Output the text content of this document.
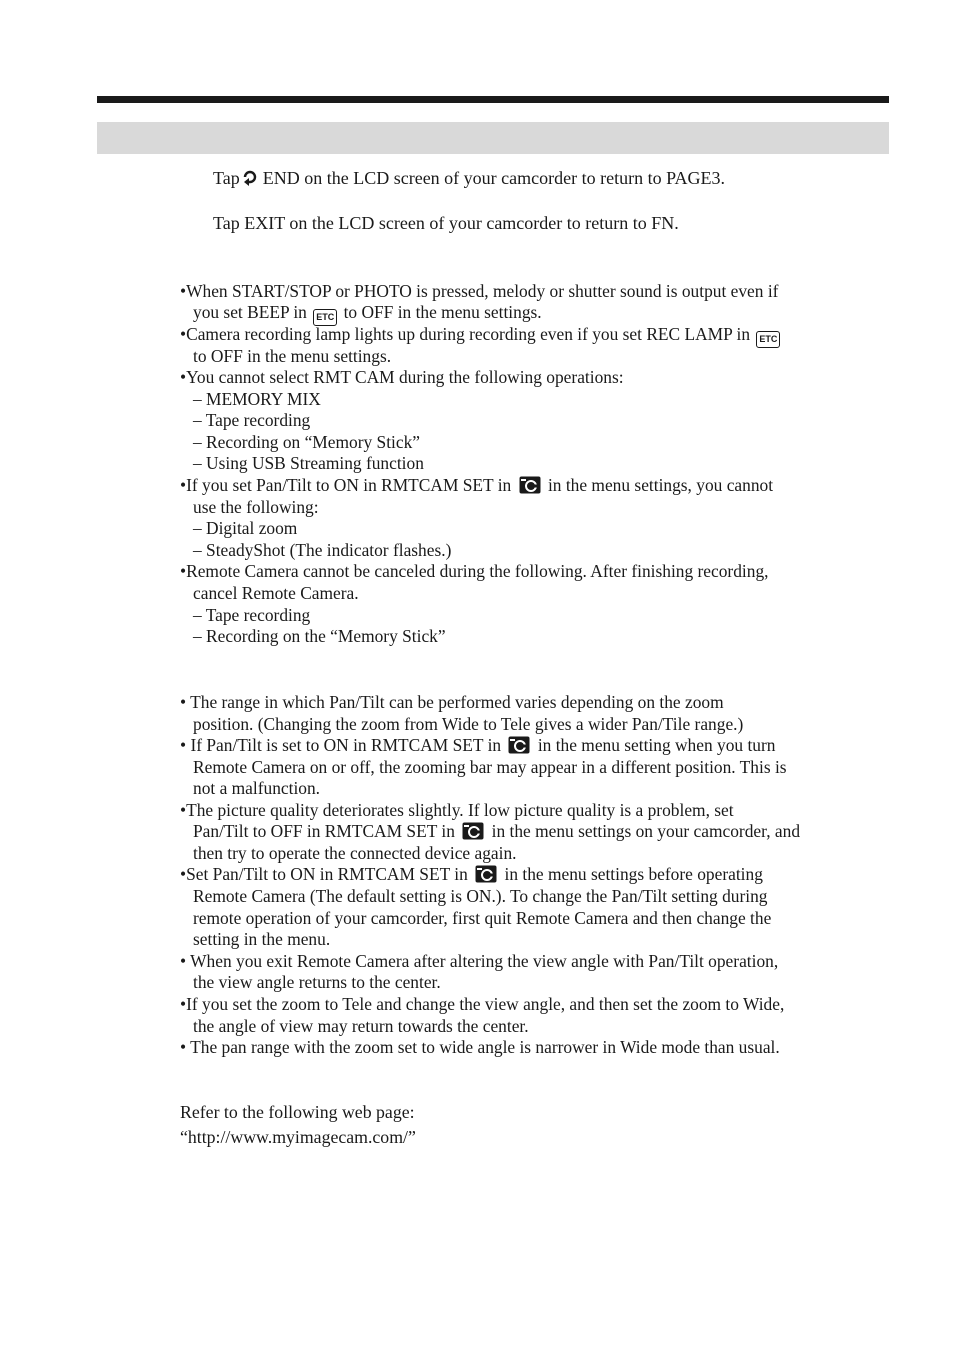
Tap END on the LCD screen of your camcorder to return to PAGE3.
Tap EXIT on the LCD screen of your camcorder to return to FN.
•When START/STOP or PHOTO is pressed, melody or shutter sound is output even if
you set BEEP in ETC to OFF in the menu settings.
•Camera recording lamp lights up during recording even if you set REC LAMP in ETC
to OFF in the menu settings.
•You cannot select RMT CAM during the following operations:
– MEMORY MIX
– Tape recording
– Recording on “Memory Stick”
– Using USB Streaming function
•If you set Pan/Tilt to ON in RMTCAM SET in in the menu settings, you cannot
use the following:
– Digital zoom
– SteadyShot (The indicator flashes.)
•Remote Camera cannot be canceled during the following. After finishing recording,
cancel Remote Camera.
– Tape recording
– Recording on the “Memory Stick”
• The range in which Pan/Tilt can be performed varies depending on the zoom
position. (Changing the zoom from Wide to Tele gives a wider Pan/Tile range.)
• If Pan/Tilt is set to ON in RMTCAM SET in in the menu setting when you turn
Remote Camera on or off, the zooming bar may appear in a different position. This is
not a malfunction.
•The picture quality deteriorates slightly. If low picture quality is a problem, set
Pan/Tilt to OFF in RMTCAM SET in in the menu settings on your camcorder, and
then try to operate the connected device again.
•Set Pan/Tilt to ON in RMTCAM SET in in the menu settings before operating
Remote Camera (The default setting is ON.). To change the Pan/Tilt setting during
remote operation of your camcorder, first quit Remote Camera and then change the
setting in the menu.
• When you exit Remote Camera after altering the view angle with Pan/Tilt operation,
the view angle returns to the center.
•If you set the zoom to Tele and change the view angle, and then set the zoom to Wide,
the angle of view may return towards the center.
• The pan range with the zoom set to wide angle is narrower in Wide mode than usual.
Refer to the following web page:
“http://www.myimagecam.com/”
